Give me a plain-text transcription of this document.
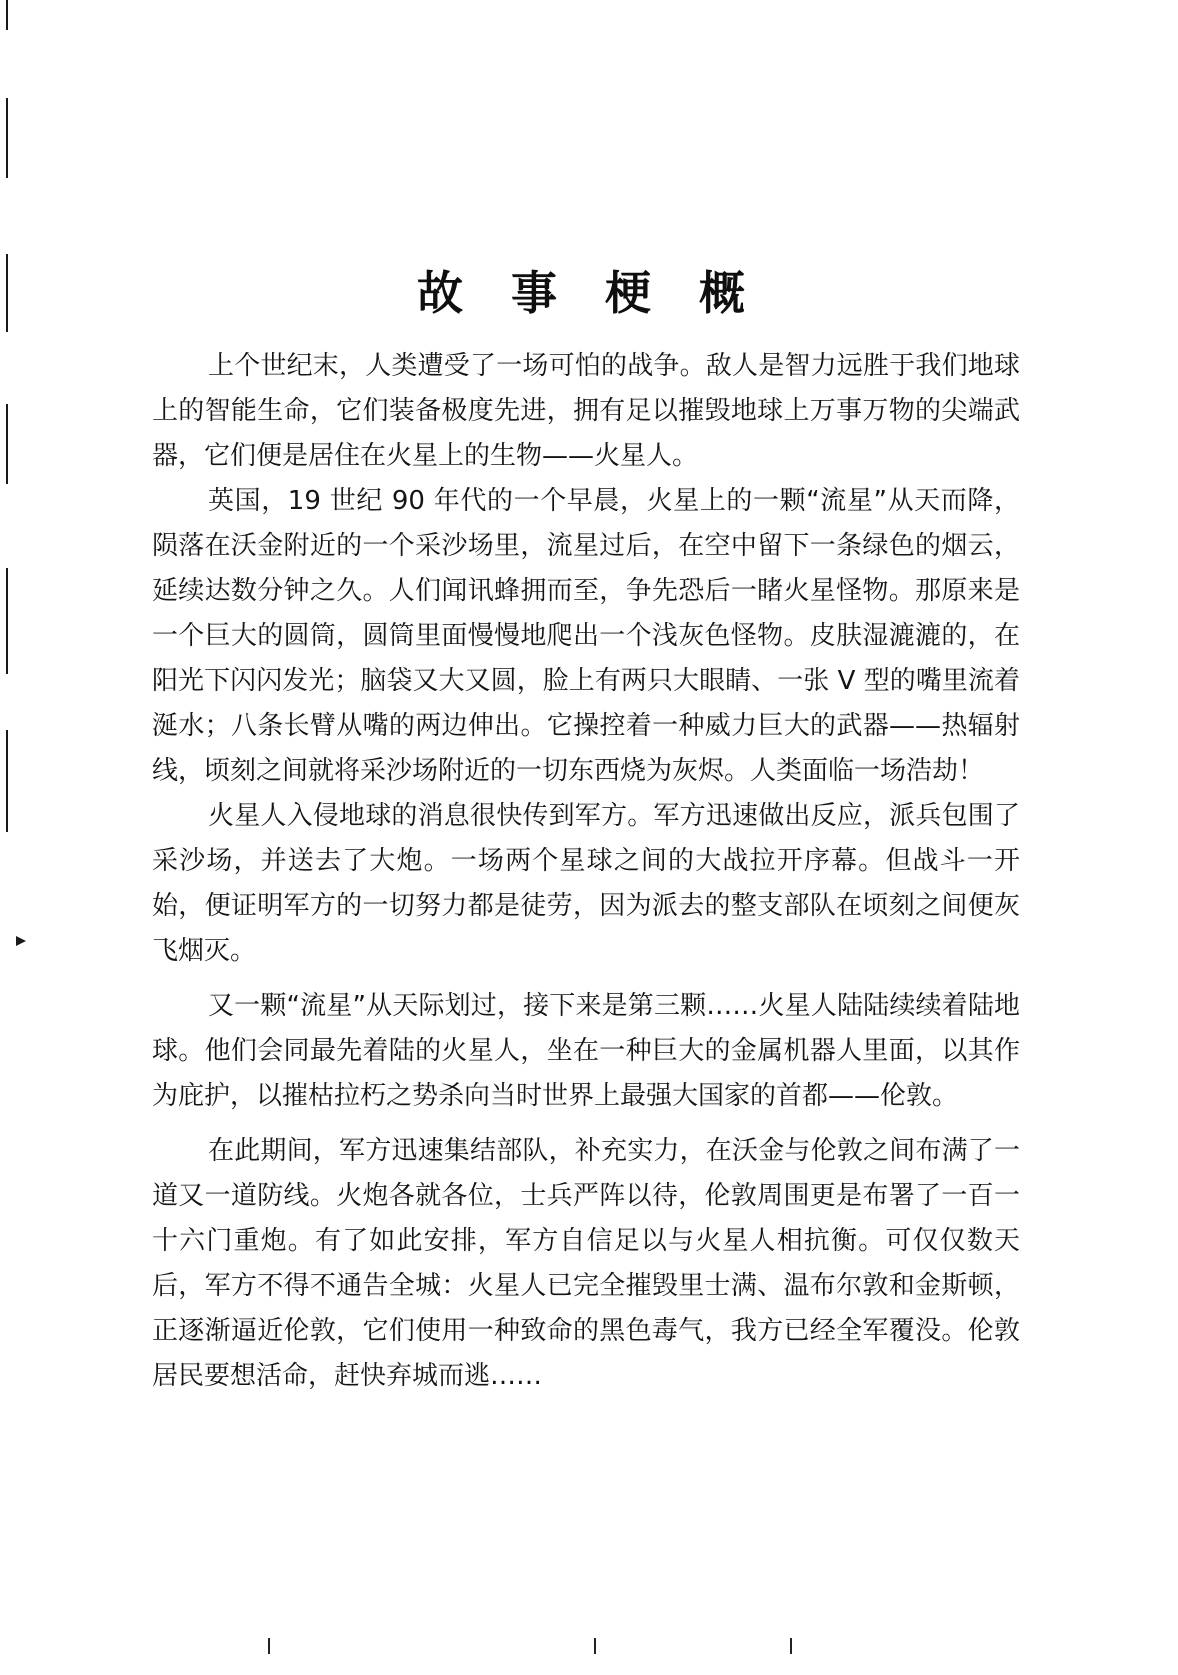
故 事 梗 概

上个世纪末，人类遭受了一场可怕的战争。敌人是智力远胜于我们地球上的智能生命，它们装备极度先进，拥有足以摧毁地球上万事万物的尖端武器，它们便是居住在火星上的生物——火星人。

英国，19 世纪 90 年代的一个早晨，火星上的一颗“流星”从天而降，陨落在沃金附近的一个采沙场里，流星过后，在空中留下一条绿色的烟云，延续达数分钟之久。人们闻讯蜂拥而至，争先恐后一睹火星怪物。那原来是一个巨大的圆筒，圆筒里面慢慢地爬出一个浅灰色怪物。皮肤湿漉漉的，在阳光下闪闪发光；脑袋又大又圆，脸上有两只大眼睛、一张 V 型的嘴里流着涎水；八条长臂从嘴的两边伸出。它操控着一种威力巨大的武器——热辐射线，顷刻之间就将采沙场附近的一切东西烧为灰烬。人类面临一场浩劫！

火星人入侵地球的消息很快传到军方。军方迅速做出反应，派兵包围了采沙场，并送去了大炮。一场两个星球之间的大战拉开序幕。但战斗一开始，便证明军方的一切努力都是徒劳，因为派去的整支部队在顷刻之间便灰飞烟灭。

又一颗“流星”从天际划过，接下来是第三颗……火星人陆陆续续着陆地球。他们会同最先着陆的火星人，坐在一种巨大的金属机器人里面，以其作为庇护，以摧枯拉朽之势杀向当时世界上最强大国家的首都——伦敦。

在此期间，军方迅速集结部队，补充实力，在沃金与伦敦之间布满了一道又一道防线。火炮各就各位，士兵严阵以待，伦敦周围更是布署了一百一十六门重炮。有了如此安排，军方自信足以与火星人相抗衡。可仅仅数天后，军方不得不通告全城：火星人已完全摧毁里士满、温布尔敦和金斯顿，正逐渐逼近伦敦，它们使用一种致命的黑色毒气，我方已经全军覆没。伦敦居民要想活命，赶快弃城而逃……
